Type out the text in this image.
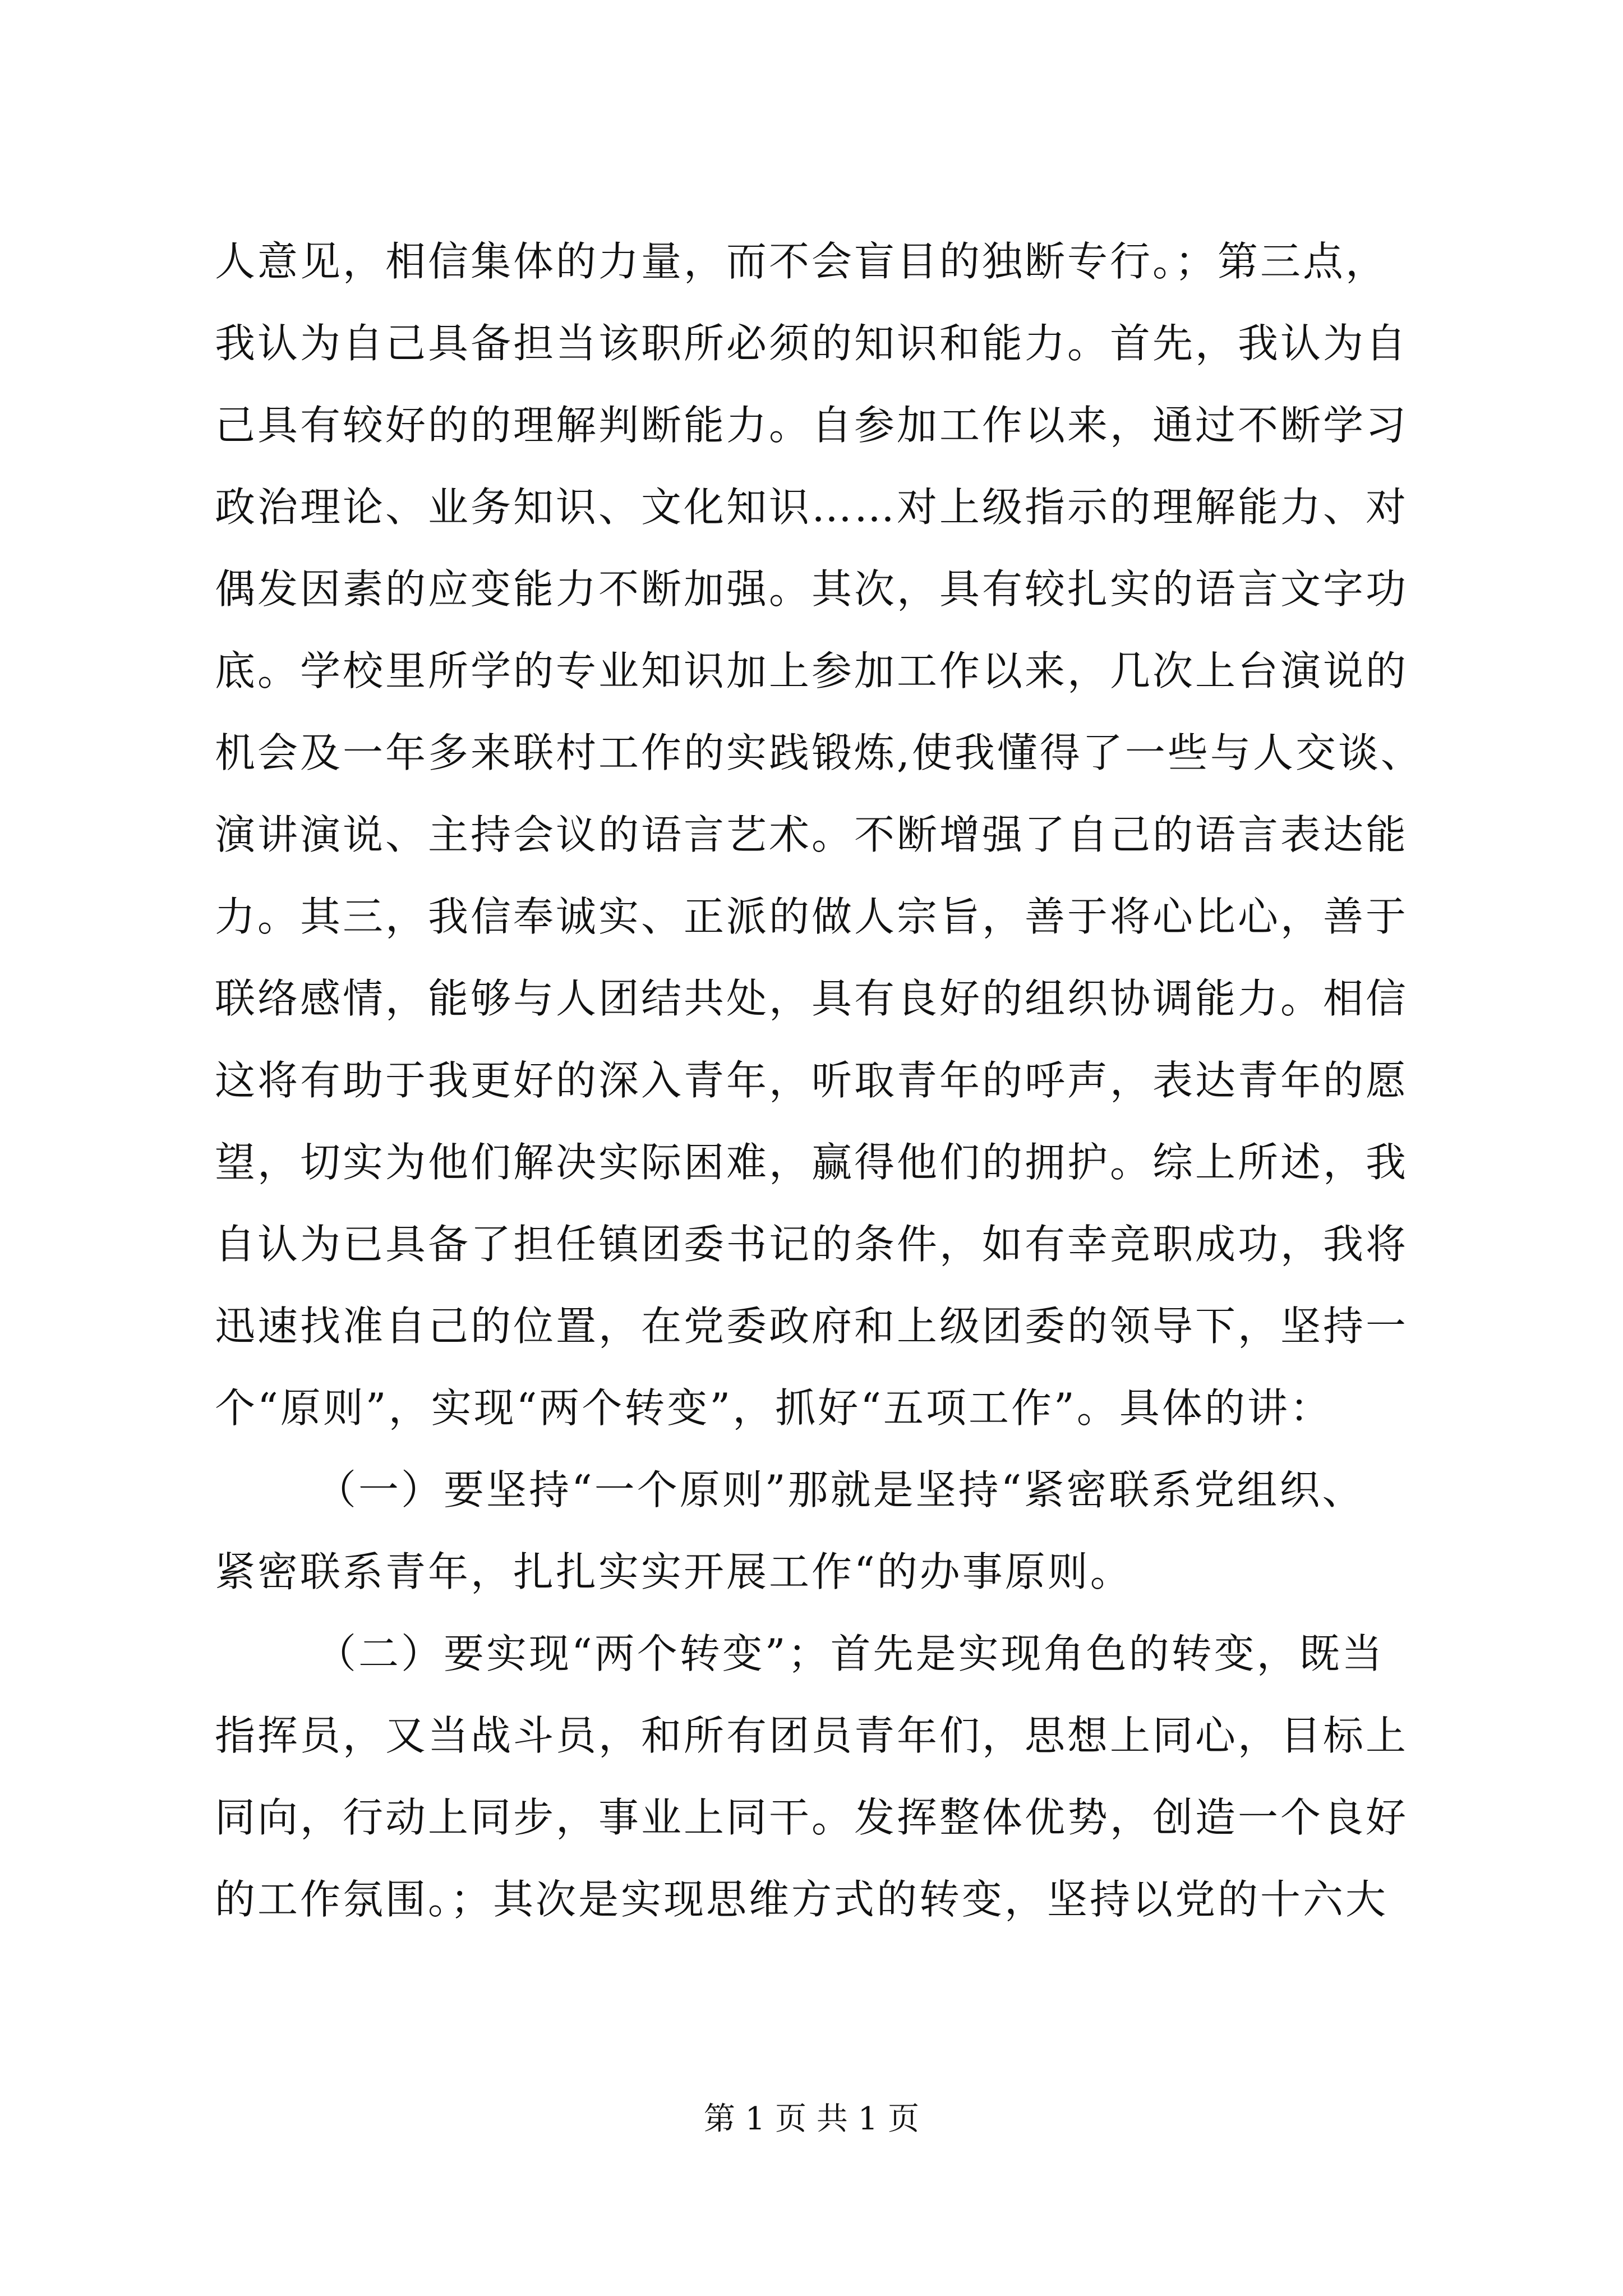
人意见，相信集体的力量，而不会盲目的独断专行。；第三点，
我认为自己具备担当该职所必须的知识和能力。首先，我认为自
己具有较好的的理解判断能力。自参加工作以来，通过不断学习
政治理论、业务知识、文化知识……对上级指示的理解能力、对
偶发因素的应变能力不断加强。其次，具有较扎实的语言文字功
底。学校里所学的专业知识加上参加工作以来，几次上台演说的
机会及一年多来联村工作的实践锻炼,使我懂得了一些与人交谈、
演讲演说、主持会议的语言艺术。不断增强了自己的语言表达能
力。其三，我信奉诚实、正派的做人宗旨，善于将心比心，善于
联络感情，能够与人团结共处，具有良好的组织协调能力。相信
这将有助于我更好的深入青年，听取青年的呼声，表达青年的愿
望，切实为他们解决实际困难，赢得他们的拥护。综上所述，我
自认为已具备了担任镇团委书记的条件，如有幸竞职成功，我将
迅速找准自己的位置，在党委政府和上级团委的领导下，坚持一
个“原则”，实现“两个转变”，抓好“五项工作”。具体的讲：
（一）要坚持“一个原则”那就是坚持“紧密联系党组织、
紧密联系青年，扎扎实实开展工作“的办事原则。
（二）要实现“两个转变”；首先是实现角色的转变，既当
指挥员，又当战斗员，和所有团员青年们，思想上同心，目标上
同向，行动上同步，事业上同干。发挥整体优势，创造一个良好
的工作氛围。；其次是实现思维方式的转变，坚持以党的十六大
第 1 页 共 1 页
